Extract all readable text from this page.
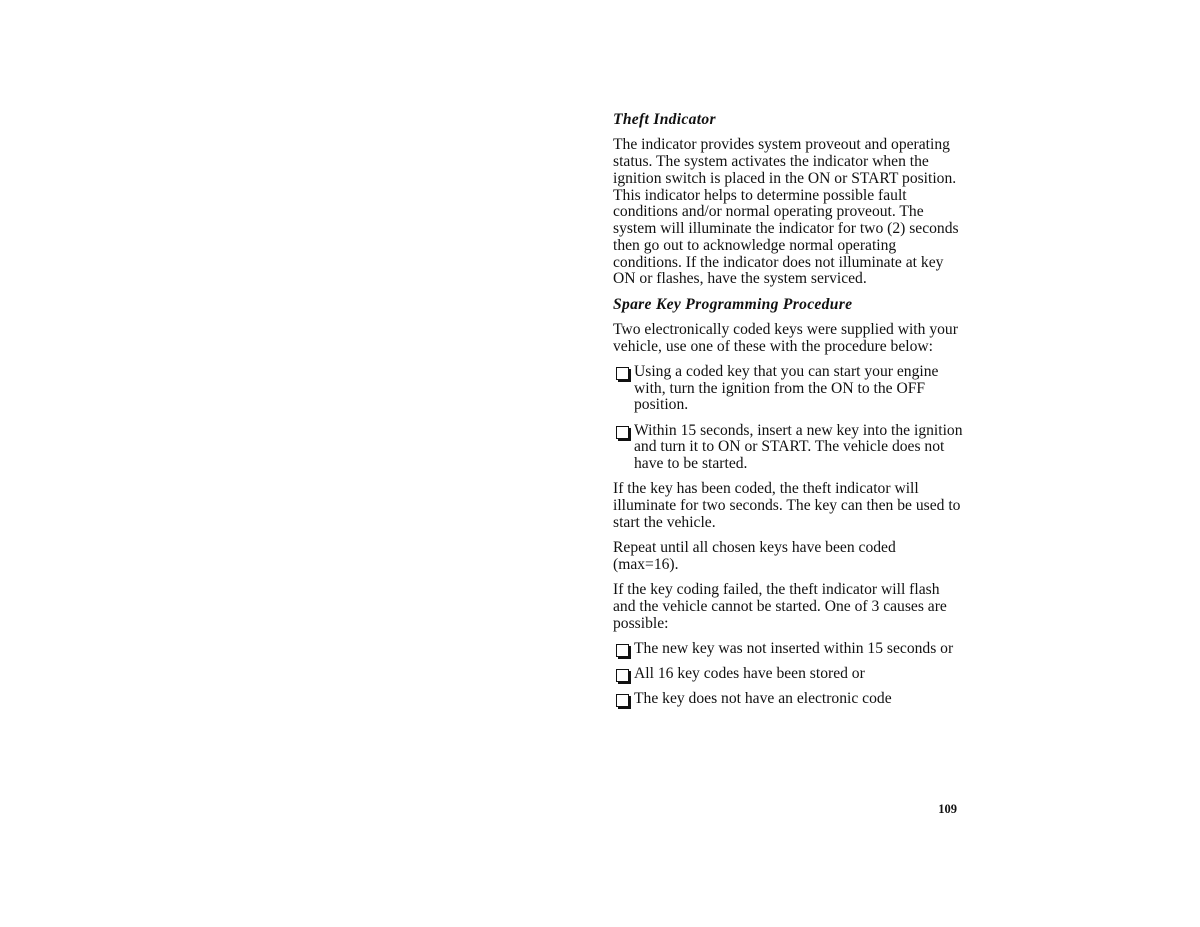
Theft Indicator
The indicator provides system proveout and operating status. The system activates the indicator when the ignition switch is placed in the ON or START position. This indicator helps to determine possible fault conditions and/or normal operating proveout. The system will illuminate the indicator for two (2) seconds then go out to acknowledge normal operating conditions. If the indicator does not illuminate at key ON or flashes, have the system serviced.
Spare Key Programming Procedure
Two electronically coded keys were supplied with your vehicle, use one of these with the procedure below:
Using a coded key that you can start your engine with, turn the ignition from the ON to the OFF position.
Within 15 seconds, insert a new key into the ignition and turn it to ON or START. The vehicle does not have to be started.
If the key has been coded, the theft indicator will illuminate for two seconds. The key can then be used to start the vehicle.
Repeat until all chosen keys have been coded (max=16).
If the key coding failed, the theft indicator will flash and the vehicle cannot be started. One of 3 causes are possible:
The new key was not inserted within 15 seconds or
All 16 key codes have been stored or
The key does not have an electronic code
109
